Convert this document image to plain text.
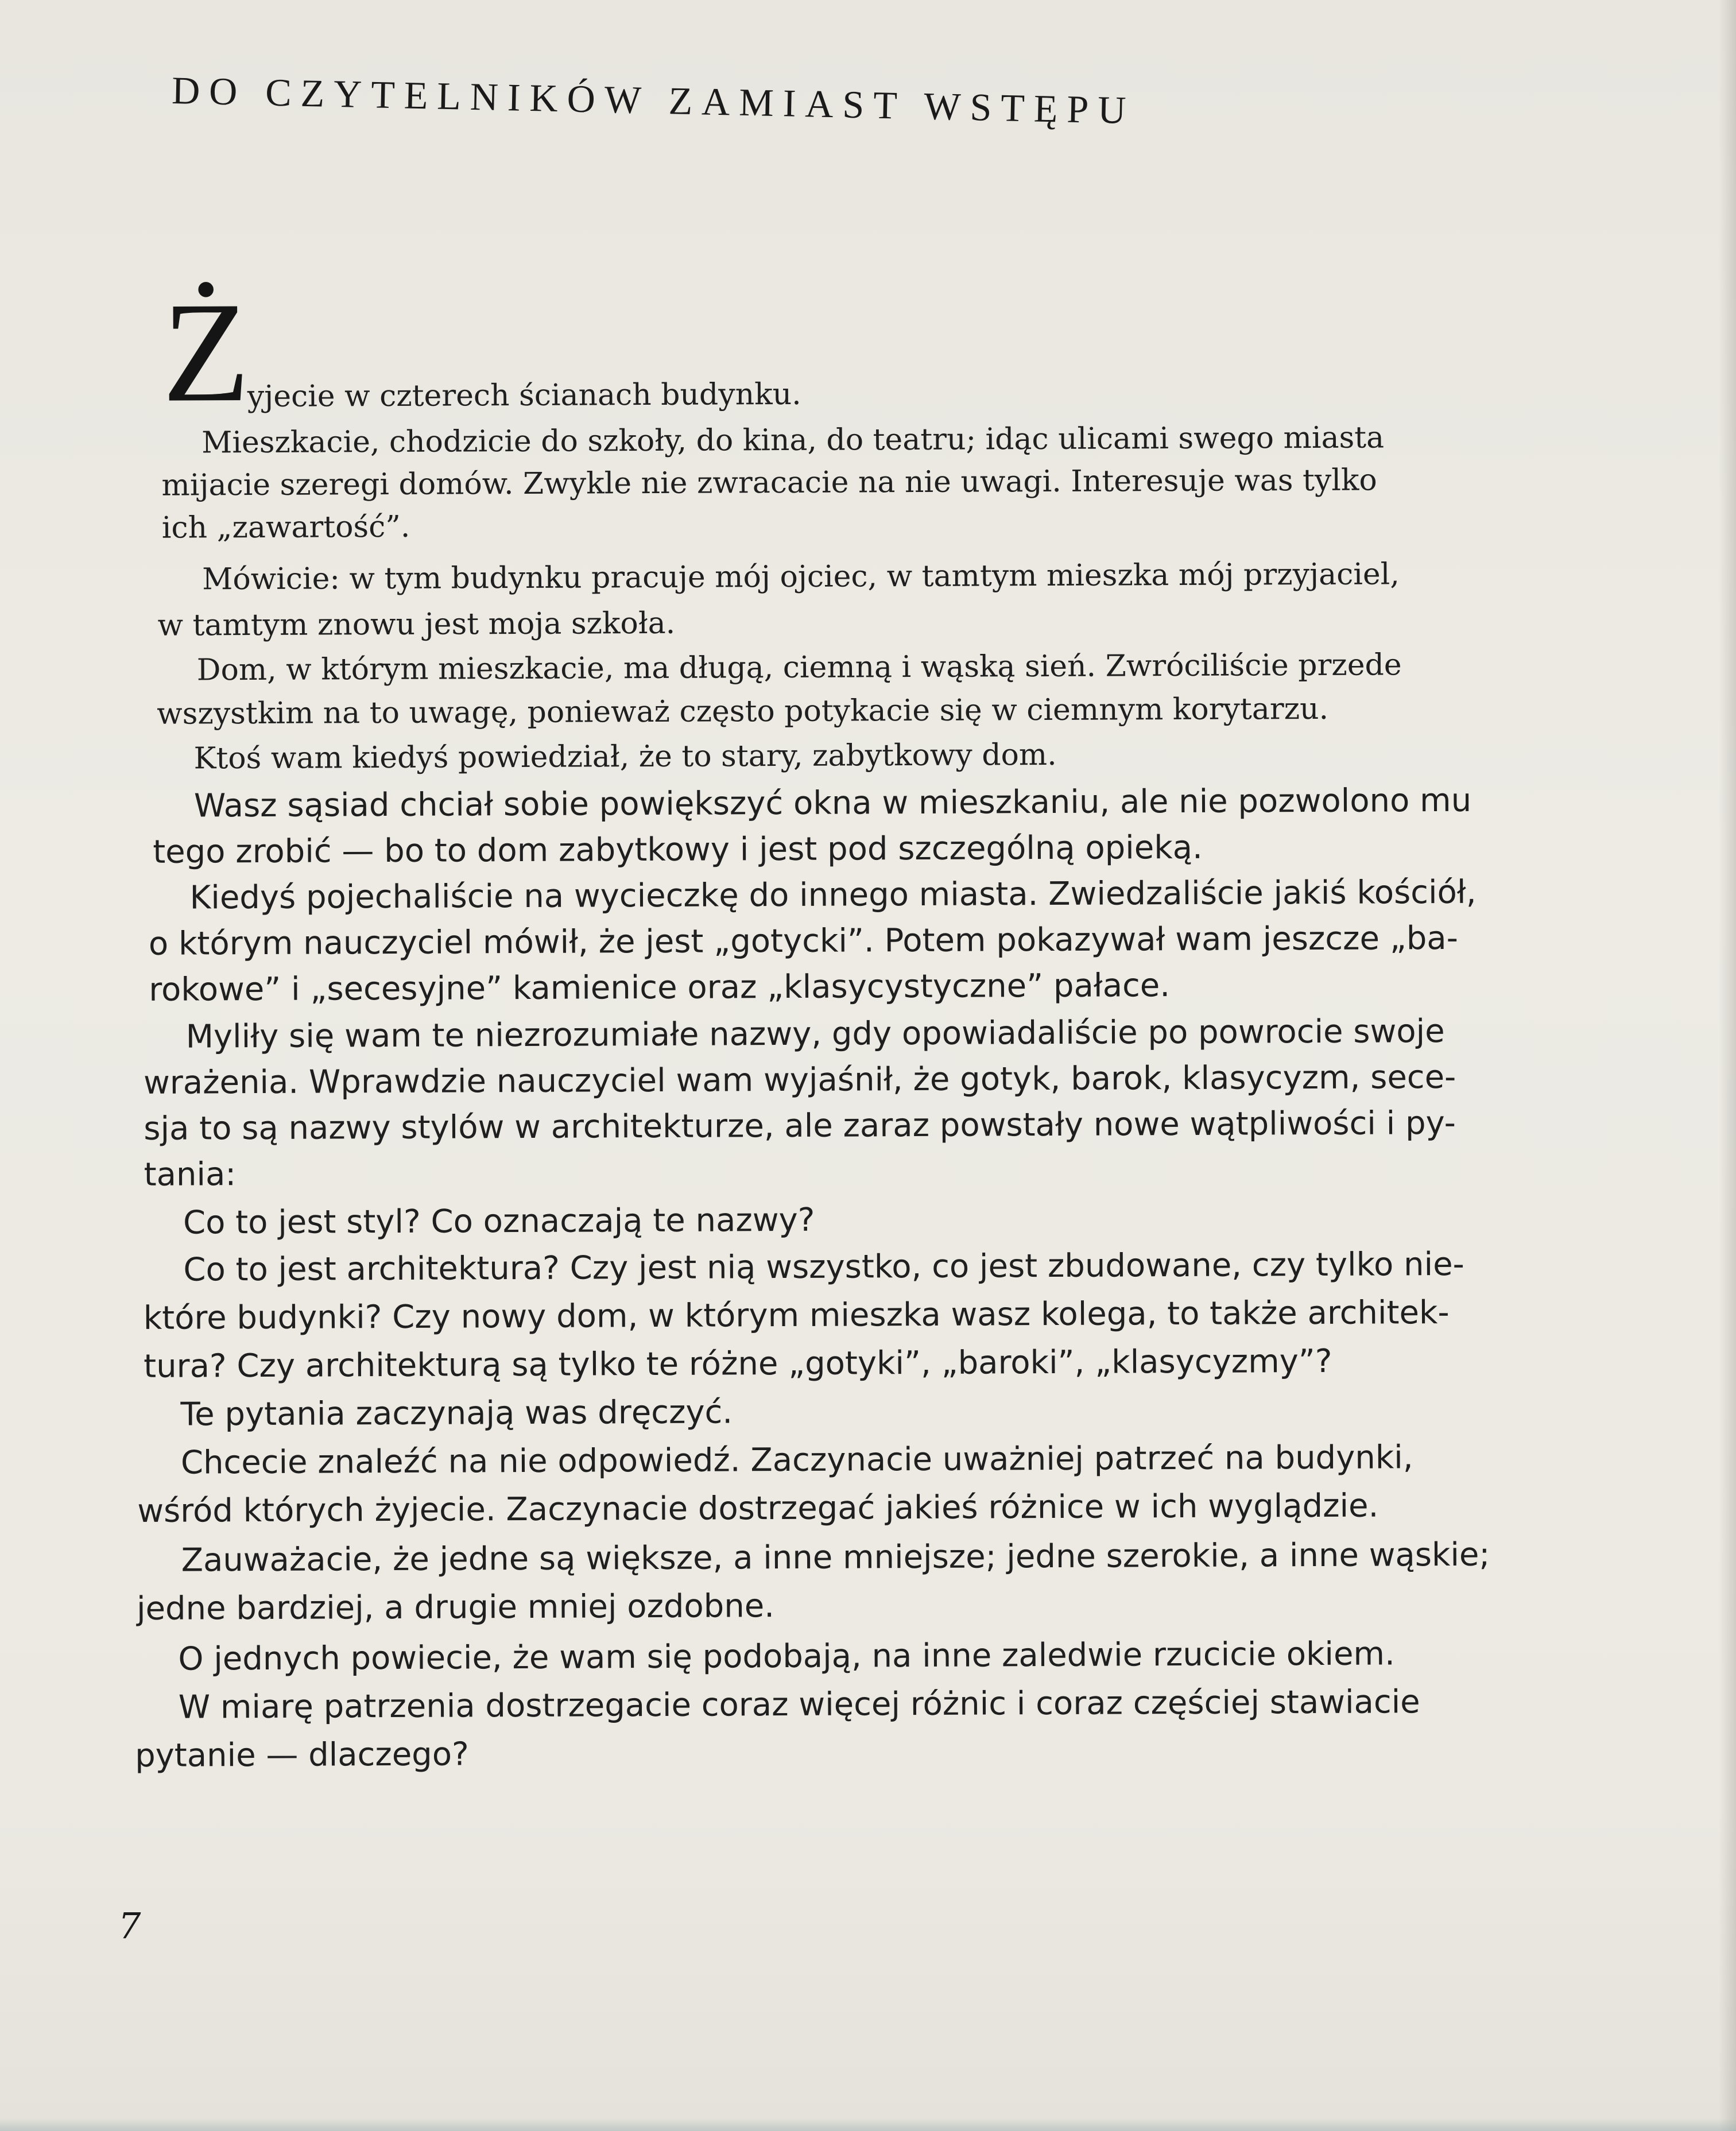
DO CZYTELNIKÓW ZAMIAST WSTĘPU
Ż

yjecie w czterech ścianach budynku.

Mieszkacie, chodzicie do szkoły, do kina, do teatru; idąc ulicami swego miasta

mijacie szeregi domów. Zwykle nie zwracacie na nie uwagi. Interesuje was tylko

ich „zawartość”.

Mówicie: w tym budynku pracuje mój ojciec, w tamtym mieszka mój przyjaciel,

w tamtym znowu jest moja szkoła.

Dom, w którym mieszkacie, ma długą, ciemną i wąską sień. Zwróciliście przede

wszystkim na to uwagę, ponieważ często potykacie się w ciemnym korytarzu.

Ktoś wam kiedyś powiedział, że to stary, zabytkowy dom.

Wasz sąsiad chciał sobie powiększyć okna w mieszkaniu, ale nie pozwolono mu

tego zrobić — bo to dom zabytkowy i jest pod szczególną opieką.

Kiedyś pojechaliście na wycieczkę do innego miasta. Zwiedzaliście jakiś kościół,

o którym nauczyciel mówił, że jest „gotycki”. Potem pokazywał wam jeszcze „ba-

rokowe” i „secesyjne” kamienice oraz „klasycystyczne” pałace.

Myliły się wam te niezrozumiałe nazwy, gdy opowiadaliście po powrocie swoje

wrażenia. Wprawdzie nauczyciel wam wyjaśnił, że gotyk, barok, klasycyzm, sece-

sja to są nazwy stylów w architekturze, ale zaraz powstały nowe wątpliwości i py-

tania:

Co to jest styl? Co oznaczają te nazwy?

Co to jest architektura? Czy jest nią wszystko, co jest zbudowane, czy tylko nie-

które budynki? Czy nowy dom, w którym mieszka wasz kolega, to także architek-

tura? Czy architekturą są tylko te różne „gotyki”, „baroki”, „klasycyzmy”?

Te pytania zaczynają was dręczyć.

Chcecie znaleźć na nie odpowiedź. Zaczynacie uważniej patrzeć na budynki,

wśród których żyjecie. Zaczynacie dostrzegać jakieś różnice w ich wyglądzie.

Zauważacie, że jedne są większe, a inne mniejsze; jedne szerokie, a inne wąskie;

jedne bardziej, a drugie mniej ozdobne.

O jednych powiecie, że wam się podobają, na inne zaledwie rzucicie okiem.

W miarę patrzenia dostrzegacie coraz więcej różnic i coraz częściej stawiacie

pytanie — dlaczego?

7
